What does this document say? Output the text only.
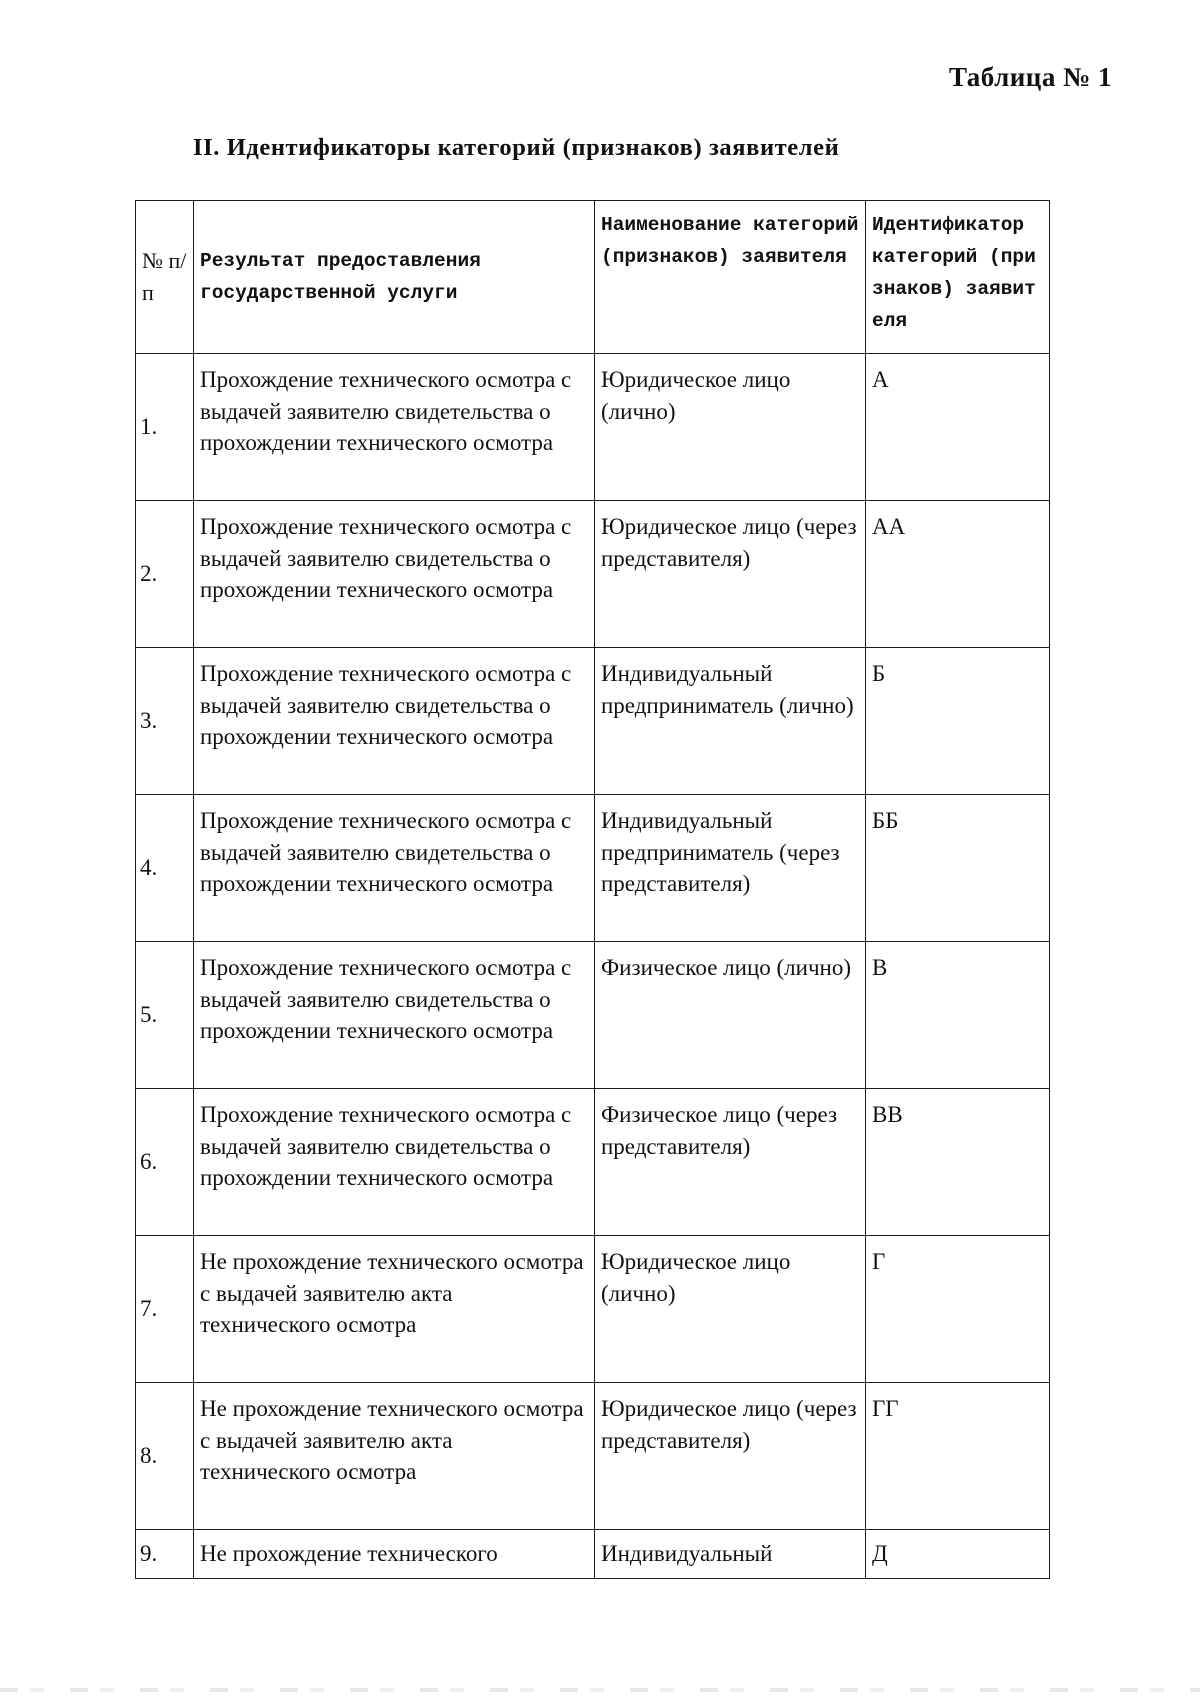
Таблица № 1
II. Идентификаторы категорий (признаков) заявителей
№ п/п	Результат предоставления государственной услуги	Наименование категорий (признаков) заявителя	Идентификатор категорий (признаков) заявителя

1.	Прохождение технического осмотра с выдачей заявителю свидетельства о прохождении технического осмотра	Юридическое лицо (лично)	А

2.	Прохождение технического осмотра с выдачей заявителю свидетельства о прохождении технического осмотра	Юридическое лицо (через представителя)	АА

3.	Прохождение технического осмотра с выдачей заявителю свидетельства о прохождении технического осмотра	Индивидуальный предприниматель (лично)	Б

4.	Прохождение технического осмотра с выдачей заявителю свидетельства о прохождении технического осмотра	Индивидуальный предприниматель (через представителя)	ББ

5.	Прохождение технического осмотра с выдачей заявителю свидетельства о прохождении технического осмотра	Физическое лицо (лично)	В

6.	Прохождение технического осмотра с выдачей заявителю свидетельства о прохождении технического осмотра	Физическое лицо (через представителя)	ВВ

7.	Не прохождение технического осмотра с выдачей заявителю акта технического осмотра	Юридическое лицо (лично)	Г

8.	Не прохождение технического осмотра с выдачей заявителю акта технического осмотра	Юридическое лицо (через представителя)	ГГ

9.	Не прохождение технического	Индивидуальный	Д
